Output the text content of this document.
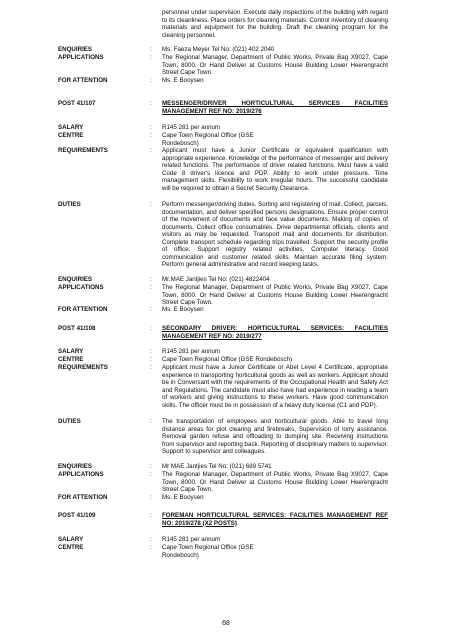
personnel under supervision. Execute daily inspections of the building with regard to its cleanliness. Place orders for cleaning materials. Control inventory of cleaning materials and equipment for the building. Draft the cleaning program for the cleaning personnel.
ENQUIRIES	: Ms. Faeza Meyer Tel No: (021) 402 2040
APPLICATIONS	: The Regional Manager, Department of Public Works, Private Bag X9027, Cape Town, 8000. Or Hand Deliver at Customs House Building Lower Heerengracht Street Cape Town.
FOR ATTENTION	: Ms. E Booysen
POST 41/107	: MESSENGER/DRIVER HORTICULTURAL SERVICES FACILITIES MANAGEMENT REF NO: 2019/276
SALARY	: R145 281 per annum
CENTRE	: Cape Town Regional Office (GSE Rondebosch)
REQUIREMENTS	: Applicant must have a Junior Certificate or equivalent qualification with appropriate experience. Knowledge of the performance of messenger and delivery related functions. The performance of driver related functions. Must have a valid Code 8 driver's licence and PDP. Ability to work under pressure. Time management skills. Flexibility to work irregular hours. The successful candidate will be required to obtain a Secret Security Clearance.
DUTIES	: Perform messenger/driving duties. Sorting and registering of mail. Collect, parcels, documentation, and deliver specified persons designations. Ensure proper control of the movement of documents and face value documents. Making of copies of documents. Collect office consumables. Drive departmental officials, clients and visitors as may be requested. Transport mail and documents for distribution. Complete transport schedule regarding trips travelled. Support the security profile of office. Support registry related activities. Computer literacy. Good communication and customer related skills. Maintain accurate filing system. Perform general administrative and record keeping tasks.
ENQUIRIES	: Mr.MAE Jantjies Tel No: (021) 4822404
APPLICATIONS	: The Regional Manager, Department of Public Works, Private Bag X9027, Cape Town, 8000. Or Hand Deliver at Customs House Building Lower Heerengracht Street Cape Town.
FOR ATTENTION	: Ms. E Booysen
POST 41/108	: SECONDARY DRIVER: HORTICULTURAL SERVICES: FACILITIES MANAGEMENT REF NO: 2019/277
SALARY	: R145 281 per annum
CENTRE	: Cape Town Regional Office (GSE Rondebosch)
REQUIREMENTS	: Applicant must have a Junior Certificate or Abet Level 4 Certificate, appropriate experience in transporting horticultural goods as well as workers. Applicant should be in Conversant with the requirements of the Occupational Health and Safety Act and Regulations. The candidate must also have had experience in leading a team of workers and giving instructions to these workers. Have good communication skills. The officer must be in possession of a heavy duty license (C1 and PDP).
DUTIES	: The transportation of employees and horticultural goods. Able to travel long distance areas for plot clearing and firebreaks, Supervision of lorry assistance. Removal garden refuse and offloading to dumping site. Receiving instructions from supervisor and reporting back. Reporting of disciplinary matters to supervisor. Support to supervisor and colleagues.
ENQUIRIES	: Mr MAE Jantjies Tel No: (021) 689 5741
APPLICATIONS	: The Regional Manager, Department of Public Works, Private Bag X9027, Cape Town, 8000. Or Hand Deliver at Customs House Building Lower Heerengracht Street Cape Town.
FOR ATTENTION	: Ms. E Booysen
POST 41/109	: FOREMAN HORTICULTURAL SERVICES: FACILITIES MANAGEMENT REF NO: 2019/278 (X2 POSTS)
SALARY	: R145 281 per annum
CENTRE	: Cape Town Regional Office (GSE Rondebosch)
68
